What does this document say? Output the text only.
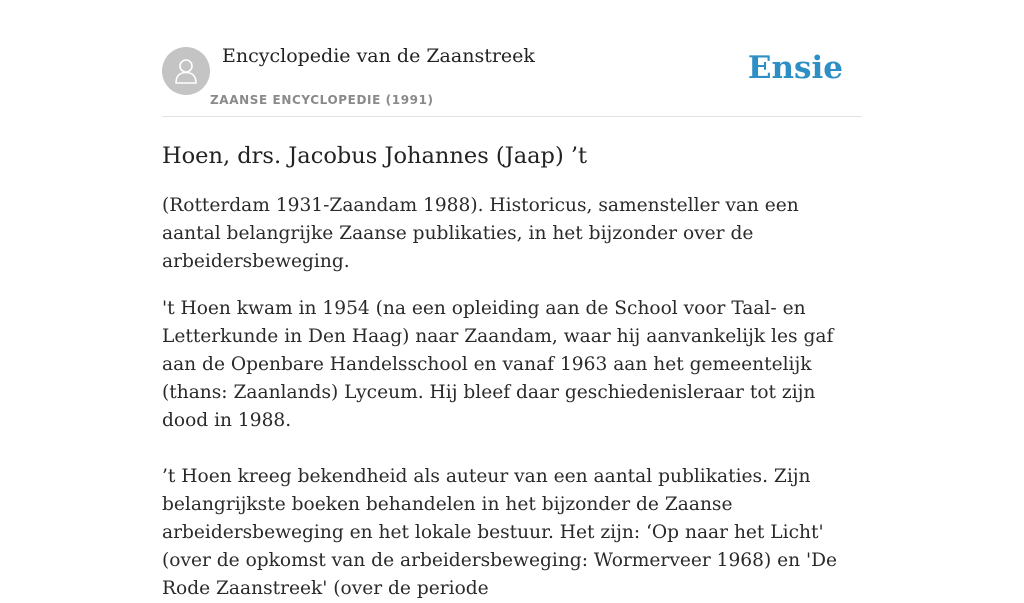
Encyclopedie van de Zaanstreek
ZAANSE ENCYCLOPEDIE (1991)
Ensie
Hoen, drs. Jacobus Johannes (Jaap) ’t

(Rotterdam 1931-Zaandam 1988). Historicus, samensteller van een aantal belangrijke Zaanse publikaties, in het bijzonder over de arbeidersbeweging.

't Hoen kwam in 1954 (na een opleiding aan de School voor Taal- en Letterkunde in Den Haag) naar Zaandam, waar hij aanvankelijk les gaf aan de Openbare Handelsschool en vanaf 1963 aan het gemeentelijk (thans: Zaanlands) Lyceum. Hij bleef daar geschiedenisleraar tot zijn dood in 1988.

’t Hoen kreeg bekendheid als auteur van een aantal publikaties. Zijn belangrijkste boeken behandelen in het bijzonder de Zaanse arbeidersbeweging en het lokale bestuur. Het zijn: ‘Op naar het Licht' (over de opkomst van de arbeidersbeweging: Wormerveer 1968) en 'De Rode Zaanstreek' (over de periode
